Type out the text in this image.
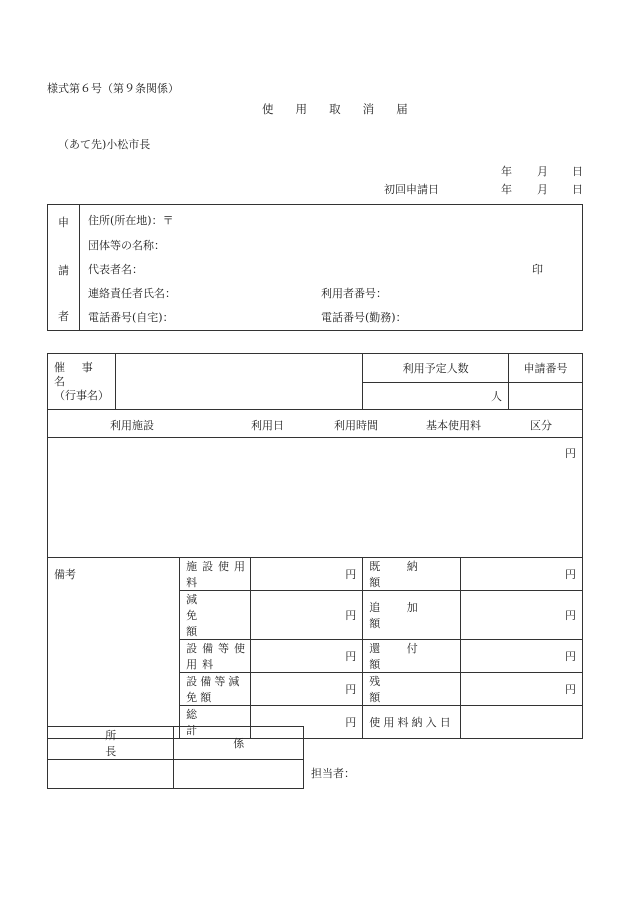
様式第６号（第９条関係）
使 用 取 消 届
（あて先)小松市長
年 月 日
初回申請日	年 月 日
申
請
者
住所(所在地)：〒
団体等の名称：
代表者名：	印
連絡責任者氏名：	利用者番号：
電話番号(自宅)：	電話番号(勤務)：
催 事 名
（行事名）				利用予定人数		申請番号
				人		

利用施設 利用日 利用時間 基本使用料 区分						

円						

備考		施設使用料	円	既納額	円	
		減免額	円	追加額	円	
		設備等使用料	円	還付額	円	
		設備等減免額	円	残額	円	
		総計	円	使用料納入日		
所長	係

担当者：
